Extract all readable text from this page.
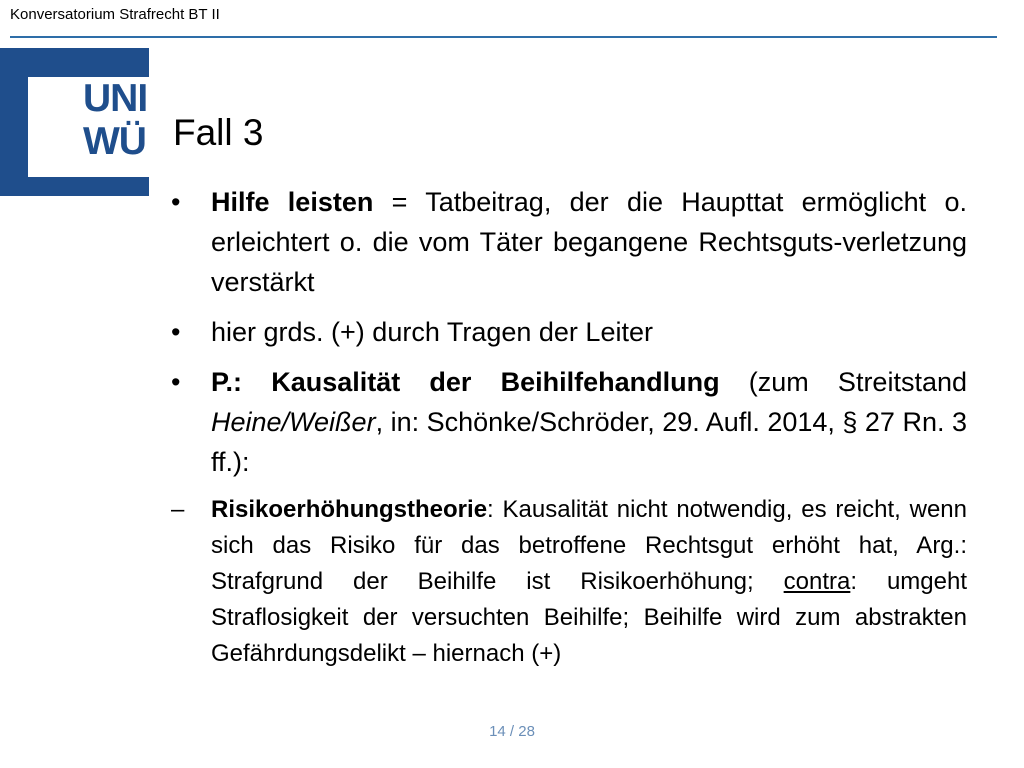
Konversatorium Strafrecht BT II
UNI
WÜ Fall 3
•	Hilfe leisten = Tatbeitrag, der die Haupttat ermöglicht o. erleichtert o. die vom Täter begangene Rechtsguts-verletzung verstärkt
•	hier grds. (+) durch Tragen der Leiter
•	P.: Kausalität der Beihilfehandlung (zum Streitstand Heine/Weißer, in: Schönke/Schröder, 29. Aufl. 2014, § 27 Rn. 3 ff.):
–	Risikoerhöhungstheorie: Kausalität nicht notwendig, es reicht, wenn sich das Risiko für das betroffene Rechtsgut erhöht hat, Arg.: Strafgrund der Beihilfe ist Risikoerhöhung; contra: umgeht Straflosigkeit der versuchten Beihilfe; Beihilfe wird zum abstrakten Gefährdungsdelikt – hiernach (+)
14 / 28
